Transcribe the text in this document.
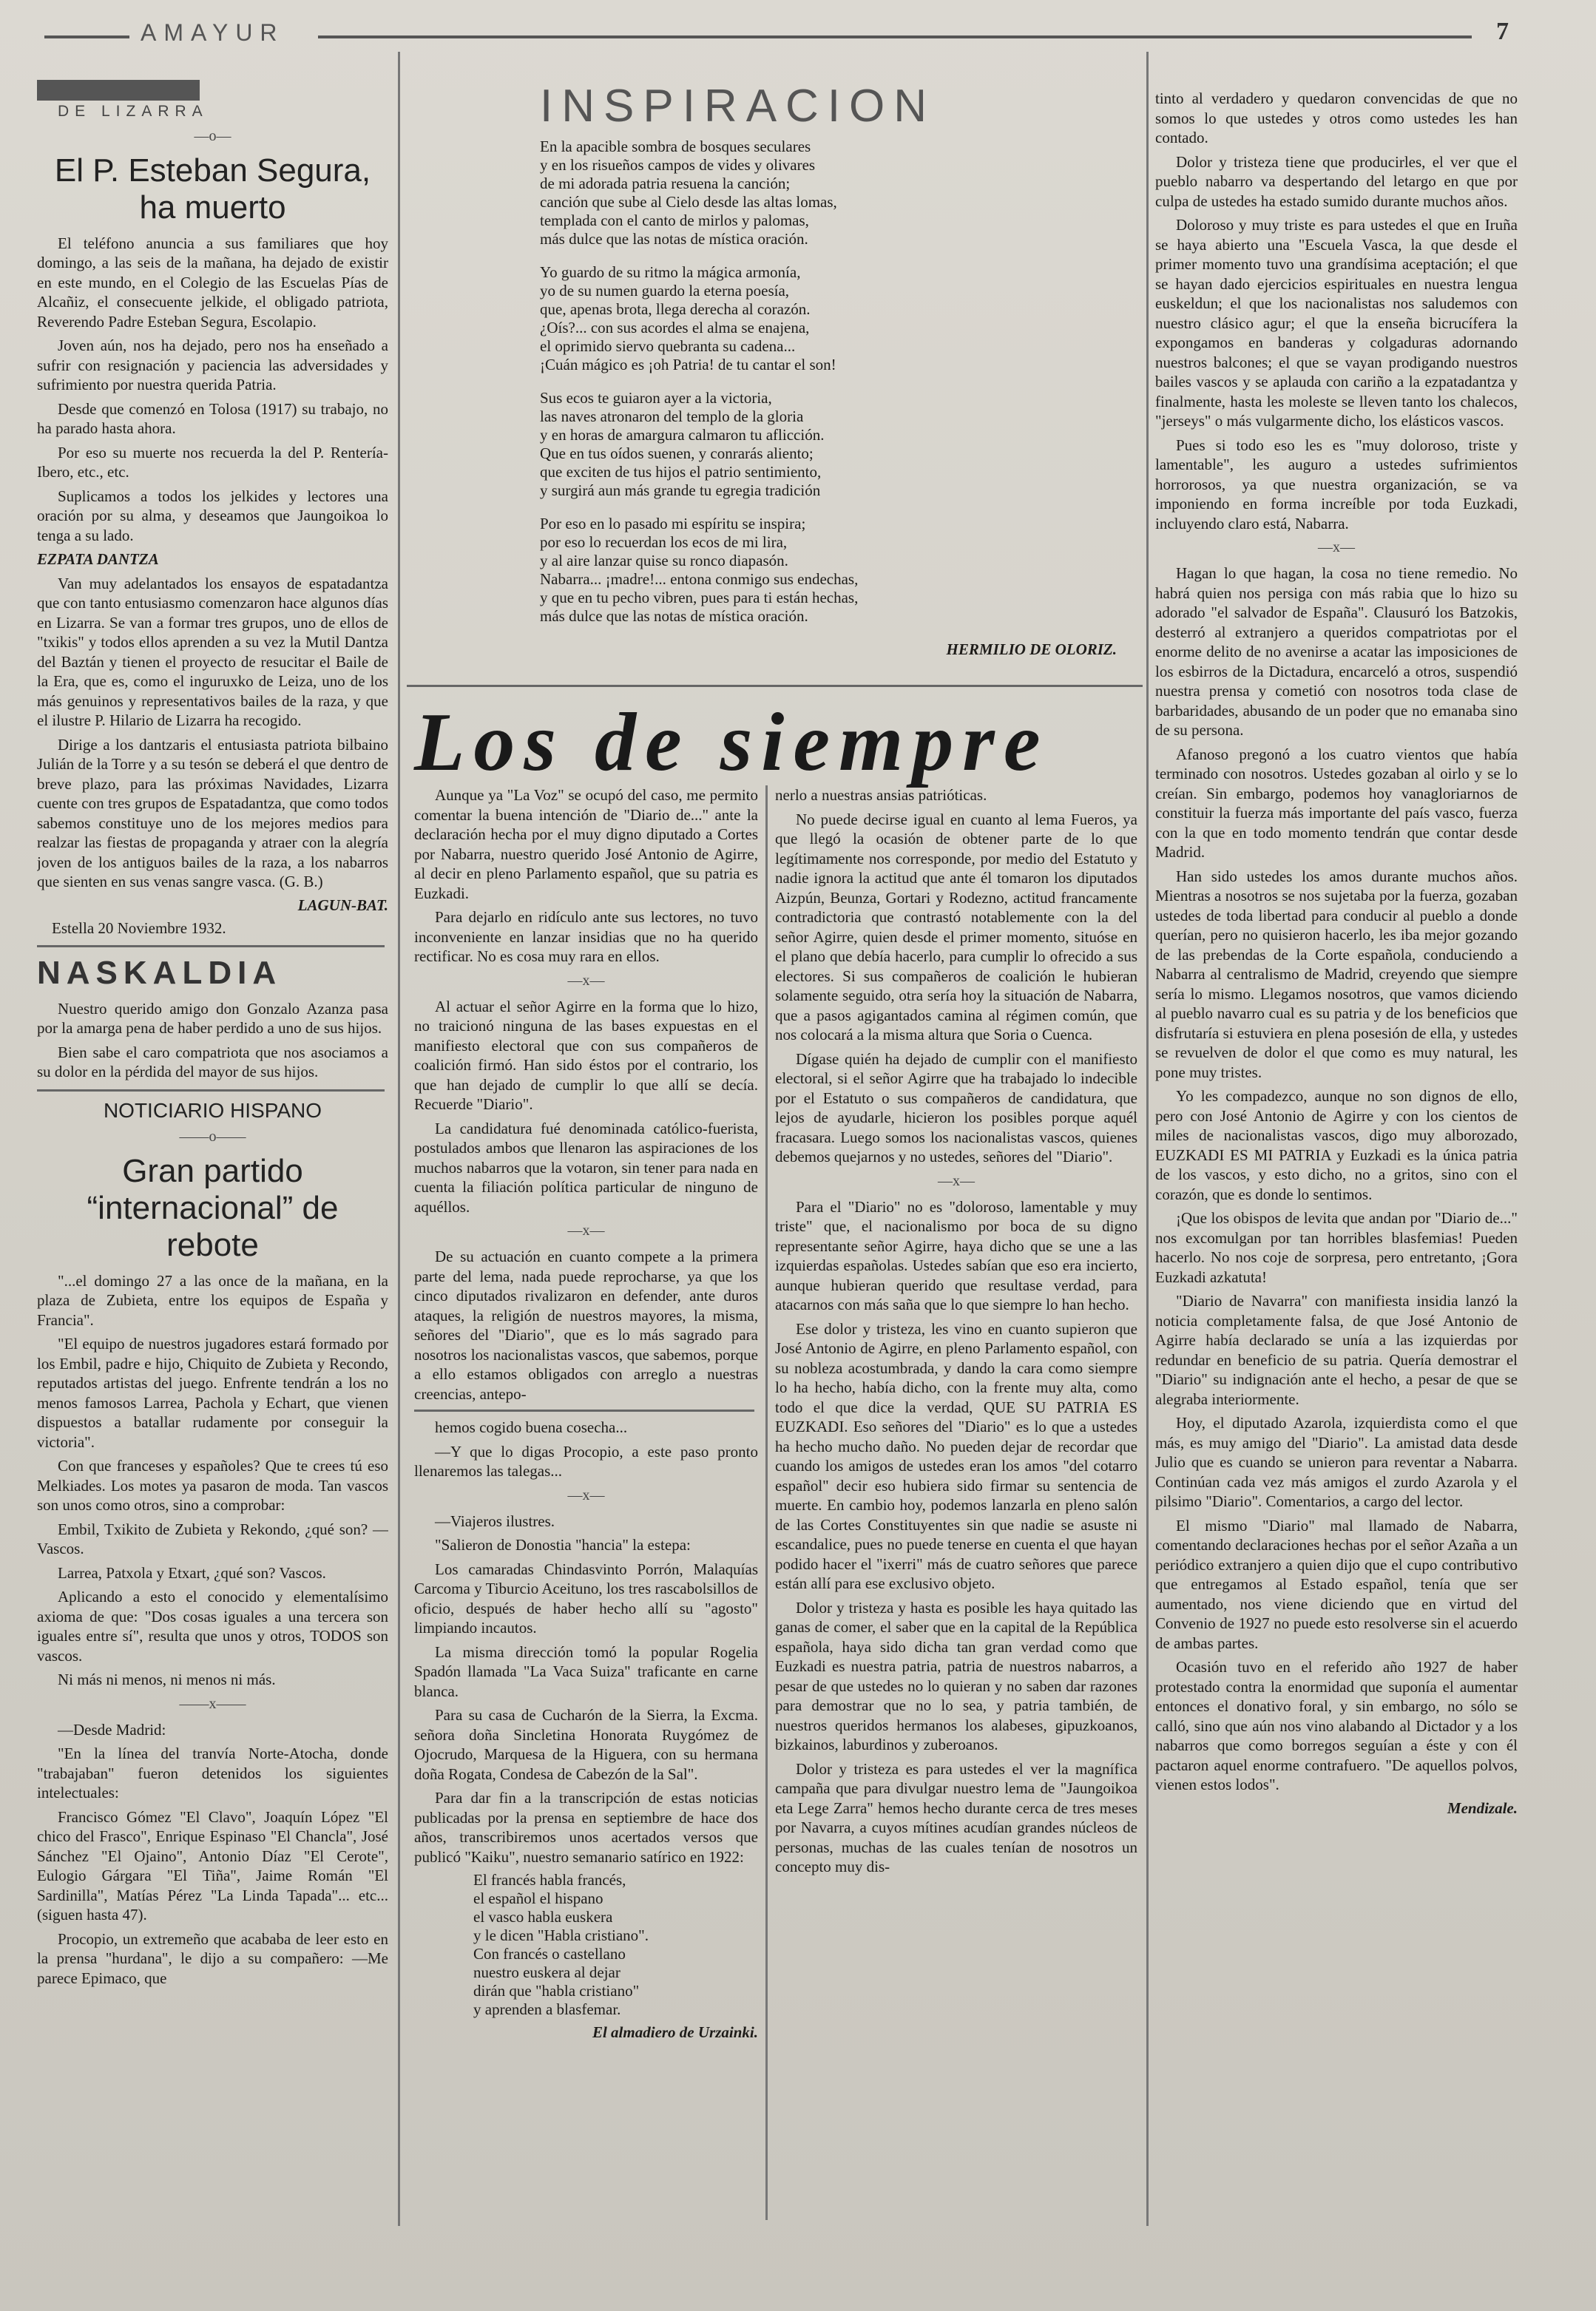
AMAYUR	7

DE LIZARRA

—o—
El P. Esteban Segura, ha muerto

El teléfono anuncia a sus familiares que hoy domingo, a las seis de la mañana, ha dejado de existir en este mundo, en el Colegio de las Escuelas Pías de Alcañiz, el consecuente jelkide, el obligado patriota, Reverendo Padre Esteban Segura, Escolapio.

Joven aún, nos ha dejado, pero nos ha enseñado a sufrir con resignación y paciencia las adversidades y sufrimiento por nuestra querida Patria.

Desde que comenzó en Tolosa (1917) su trabajo, no ha parado hasta ahora.

Por eso su muerte nos recuerda la del P. Rentería-Ibero, etc., etc.

Suplicamos a todos los jelkides y lectores una oración por su alma, y deseamos que Jaungoikoa lo tenga a su lado.

EZPATA DANTZA

Van muy adelantados los ensayos de espatadantza que con tanto entusiasmo comenzaron hace algunos días en Lizarra. Se van a formar tres grupos, uno de ellos de "txikis" y todos ellos aprenden a su vez la Mutil Dantza del Baztán y tienen el proyecto de resucitar el Baile de la Era, que es, como el inguruxko de Leiza, uno de los más genuinos y representativos bailes de la raza, y que el ilustre P. Hilario de Lizarra ha recogido.

Dirige a los dantzaris el entusiasta patriota bilbaino Julián de la Torre y a su tesón se deberá el que dentro de breve plazo, para las próximas Navidades, Lizarra cuente con tres grupos de Espatadantza, que como todos sabemos constituye uno de los mejores medios para realzar las fiestas de propaganda y atraer con la alegría joven de los antiguos bailes de la raza, a los nabarros que sienten en sus venas sangre vasca. (G. B.)

LAGUN-BAT.
Estella 20 Noviembre 1932.
NASKALDIA

Nuestro querido amigo don Gonzalo Azanza pasa por la amarga pena de haber perdido a uno de sus hijos.

Bien sabe el caro compatriota que nos asociamos a su dolor en la pérdida del mayor de sus hijos.

NOTICIARIO HISPANO
——o——
Gran partido “internacional” de rebote

"...el domingo 27 a las once de la mañana, en la plaza de Zubieta, entre los equipos de España y Francia".

"El equipo de nuestros jugadores estará formado por los Embil, padre e hijo, Chiquito de Zubieta y Recondo, reputados artistas del juego. Enfrente tendrán a los no menos famosos Larrea, Pachola y Echart, que vienen dispuestos a batallar rudamente por conseguir la victoria".

Con que franceses y españoles? Que te crees tú eso Melkiades. Los motes ya pasaron de moda. Tan vascos son unos como otros, sino a comprobar:

Embil, Txikito de Zubieta y Rekondo, ¿qué son? —Vascos.

Larrea, Patxola y Etxart, ¿qué son? Vascos.

Aplicando a esto el conocido y elementalísimo axioma de que: "Dos cosas iguales a una tercera son iguales entre sí", resulta que unos y otros, TODOS son vascos.

Ni más ni menos, ni menos ni más.

——x——

—Desde Madrid:

"En la línea del tranvía Norte-Atocha, donde "trabajaban" fueron detenidos los siguientes intelectuales:

Francisco Gómez "El Clavo", Joaquín López "El chico del Frasco", Enrique Espinaso "El Chancla", José Sánchez "El Ojaino", Antonio Díaz "El Cerote", Eulogio Gárgara "El Tiña", Jaime Román "El Sardinilla", Matías Pérez "La Linda Tapada"... etc... (siguen hasta 47).

Procopio, un extremeño que acababa de leer esto en la prensa "hurdana", le dijo a su compañero: —Me parece Epimaco, que

INSPIRACION

En la apacible sombra de bosques seculares

y en los risueños campos de vides y olivares

de mi adorada patria resuena la canción;

canción que sube al Cielo desde las altas lomas,

templada con el canto de mirlos y palomas,

más dulce que las notas de mística oración.

Yo guardo de su ritmo la mágica armonía,

yo de su numen guardo la eterna poesía,

que, apenas brota, llega derecha al corazón.

¿Oís?... con sus acordes el alma se enajena,

el oprimido siervo quebranta su cadena...

¡Cuán mágico es ¡oh Patria! de tu cantar el son!

Sus ecos te guiaron ayer a la victoria,

las naves atronaron del templo de la gloria

y en horas de amargura calmaron tu aflicción.

Que en tus oídos suenen, y conrarás aliento;

que exciten de tus hijos el patrio sentimiento,

y surgirá aun más grande tu egregia tradición

Por eso en lo pasado mi espíritu se inspira;

por eso lo recuerdan los ecos de mi lira,

y al aire lanzar quise su ronco diapasón.

Nabarra... ¡madre!... entona conmigo sus endechas,

y que en tu pecho vibren, pues para ti están hechas,

más dulce que las notas de mística oración.

HERMILIO DE OLORIZ.
Los de siempre

Aunque ya "La Voz" se ocupó del caso, me permito comentar la buena intención de "Diario de..." ante la declaración hecha por el muy digno diputado a Cortes por Nabarra, nuestro querido José Antonio de Agirre, al decir en pleno Parlamento español, que su patria es Euzkadi.

Para dejarlo en ridículo ante sus lectores, no tuvo inconveniente en lanzar insidias que no ha querido rectificar. No es cosa muy rara en ellos.

—x—

Al actuar el señor Agirre en la forma que lo hizo, no traicionó ninguna de las bases expuestas en el manifiesto electoral que con sus compañeros de coalición firmó. Han sido éstos por el contrario, los que han dejado de cumplir lo que allí se decía. Recuerde "Diario".

La candidatura fué denominada católico-fuerista, postulados ambos que llenaron las aspiraciones de los muchos nabarros que la votaron, sin tener para nada en cuenta la filiación política particular de ninguno de aquéllos.

—x—

De su actuación en cuanto compete a la primera parte del lema, nada puede reprocharse, ya que los cinco diputados rivalizaron en defender, ante duros ataques, la religión de nuestros mayores, la misma, señores del "Diario", que es lo más sagrado para nosotros los nacionalistas vascos, que sabemos, porque a ello estamos obligados con arreglo a nuestras creencias, antepo-

hemos cogido buena cosecha...

—Y que lo digas Procopio, a este paso pronto llenaremos las talegas...

—x—

—Viajeros ilustres.

"Salieron de Donostia "hancia" la estepa:

Los camaradas Chindasvinto Porrón, Malaquías Carcoma y Tiburcio Aceituno, los tres rascabolsillos de oficio, después de haber hecho allí su "agosto" limpiando incautos.

La misma dirección tomó la popular Rogelia Spadón llamada "La Vaca Suiza" traficante en carne blanca.

Para su casa de Cucharón de la Sierra, la Excma. señora doña Sincletina Honorata Ruygómez de Ojocrudo, Marquesa de la Higuera, con su hermana doña Rogata, Condesa de Cabezón de la Sal".

Para dar fin a la transcripción de estas noticias publicadas por la prensa en septiembre de hace dos años, transcribiremos unos acertados versos que publicó "Kaiku", nuestro semanario satírico en 1922:

El francés habla francés,

el español el hispano

el vasco habla euskera

y le dicen "Habla cristiano".

Con francés o castellano

nuestro euskera al dejar

dirán que "habla cristiano"

y aprenden a blasfemar.

El almadiero de Urzainki.

nerlo a nuestras ansias patrióticas.

No puede decirse igual en cuanto al lema Fueros, ya que llegó la ocasión de obtener parte de lo que legítimamente nos corresponde, por medio del Estatuto y nadie ignora la actitud que ante él tomaron los diputados Aizpún, Beunza, Gortari y Rodezno, actitud francamente contradictoria que contrastó notablemente con la del señor Agirre, quien desde el primer momento, situóse en el plano que debía hacerlo, para cumplir lo ofrecido a sus electores. Si sus compañeros de coalición le hubieran solamente seguido, otra sería hoy la situación de Nabarra, que a pasos agigantados camina al régimen común, que nos colocará a la misma altura que Soria o Cuenca.

Dígase quién ha dejado de cumplir con el manifiesto electoral, si el señor Agirre que ha trabajado lo indecible por el Estatuto o sus compañeros de candidatura, que lejos de ayudarle, hicieron los posibles porque aquél fracasara. Luego somos los nacionalistas vascos, quienes debemos quejarnos y no ustedes, señores del "Diario".

—x—

Para el "Diario" no es "doloroso, lamentable y muy triste" que, el nacionalismo por boca de su digno representante señor Agirre, haya dicho que se une a las izquierdas españolas. Ustedes sabían que eso era incierto, aunque hubieran querido que resultase verdad, para atacarnos con más saña que lo que siempre lo han hecho.

Ese dolor y tristeza, les vino en cuanto supieron que José Antonio de Agirre, en pleno Parlamento español, con su nobleza acostumbrada, y dando la cara como siempre lo ha hecho, había dicho, con la frente muy alta, como todo el que dice la verdad, QUE SU PATRIA ES EUZKADI. Eso señores del "Diario" es lo que a ustedes ha hecho mucho daño. No pueden dejar de recordar que cuando los amigos de ustedes eran los amos "del cotarro español" decir eso hubiera sido firmar su sentencia de muerte. En cambio hoy, podemos lanzarla en pleno salón de las Cortes Constituyentes sin que nadie se asuste ni escandalice, pues no puede tenerse en cuenta el que hayan podido hacer el "ixerri" más de cuatro señores que parece están allí para ese exclusivo objeto.

Dolor y tristeza y hasta es posible les haya quitado las ganas de comer, el saber que en la capital de la República española, haya sido dicha tan gran verdad como que Euzkadi es nuestra patria, patria de nuestros nabarros, a pesar de que ustedes no lo quieran y no saben dar razones para demostrar que no lo sea, y patria también, de nuestros queridos hermanos los alabeses, gipuzkoanos, bizkainos, laburdinos y zuberoanos.

Dolor y tristeza es para ustedes el ver la magnífica campaña que para divulgar nuestro lema de "Jaungoikoa eta Lege Zarra" hemos hecho durante cerca de tres meses por Navarra, a cuyos mítines acudían grandes núcleos de personas, muchas de las cuales tenían de nosotros un concepto muy dis-

tinto al verdadero y quedaron convencidas de que no somos lo que ustedes y otros como ustedes les han contado.

Dolor y tristeza tiene que producirles, el ver que el pueblo nabarro va despertando del letargo en que por culpa de ustedes ha estado sumido durante muchos años.

Doloroso y muy triste es para ustedes el que en Iruña se haya abierto una "Escuela Vasca, la que desde el primer momento tuvo una grandísima aceptación; el que se hayan dado ejercicios espirituales en nuestra lengua euskeldun; el que los nacionalistas nos saludemos con nuestro clásico agur; el que la enseña bicrucífera la expongamos en banderas y colgaduras adornando nuestros balcones; el que se vayan prodigando nuestros bailes vascos y se aplauda con cariño a la ezpatadantza y finalmente, hasta les moleste se lleven tanto los chalecos, "jerseys" o más vulgarmente dicho, los elásticos vascos.

Pues si todo eso les es "muy doloroso, triste y lamentable", les auguro a ustedes sufrimientos horrorosos, ya que nuestra organización, se va imponiendo en forma increíble por toda Euzkadi, incluyendo claro está, Nabarra.

—x—

Hagan lo que hagan, la cosa no tiene remedio. No habrá quien nos persiga con más rabia que lo hizo su adorado "el salvador de España". Clausuró los Batzokis, desterró al extranjero a queridos compatriotas por el enorme delito de no avenirse a acatar las imposiciones de los esbirros de la Dictadura, encarceló a otros, suspendió nuestra prensa y cometió con nosotros toda clase de barbaridades, abusando de un poder que no emanaba sino de su persona.

Afanoso pregonó a los cuatro vientos que había terminado con nosotros. Ustedes gozaban al oirlo y se lo creían. Sin embargo, podemos hoy vanagloriarnos de constituir la fuerza más importante del país vasco, fuerza con la que en todo momento tendrán que contar desde Madrid.

Han sido ustedes los amos durante muchos años. Mientras a nosotros se nos sujetaba por la fuerza, gozaban ustedes de toda libertad para conducir al pueblo a donde querían, pero no quisieron hacerlo, les iba mejor gozando de las prebendas de la Corte española, conduciendo a Nabarra al centralismo de Madrid, creyendo que siempre sería lo mismo. Llegamos nosotros, que vamos diciendo al pueblo navarro cual es su patria y de los beneficios que disfrutaría si estuviera en plena posesión de ella, y ustedes se revuelven de dolor el que como es muy natural, les pone muy tristes.

Yo les compadezco, aunque no son dignos de ello, pero con José Antonio de Agirre y con los cientos de miles de nacionalistas vascos, digo muy alborozado, EUZKADI ES MI PATRIA y Euzkadi es la única patria de los vascos, y esto dicho, no a gritos, sino con el corazón, que es donde lo sentimos.

¡Que los obispos de levita que andan por "Diario de..." nos excomulgan por tan horribles blasfemias! Pueden hacerlo. No nos coje de sorpresa, pero entretanto, ¡Gora Euzkadi azkatuta!

"Diario de Navarra" con manifiesta insidia lanzó la noticia completamente falsa, de que José Antonio de Agirre había declarado se unía a las izquierdas por redundar en beneficio de su patria. Quería demostrar el "Diario" su indignación ante el hecho, a pesar de que se alegraba interiormente.

Hoy, el diputado Azarola, izquierdista como el que más, es muy amigo del "Diario". La amistad data desde Julio que es cuando se unieron para reventar a Nabarra. Continúan cada vez más amigos el zurdo Azarola y el pilsimo "Diario". Comentarios, a cargo del lector.

El mismo "Diario" mal llamado de Nabarra, comentando declaraciones hechas por el señor Azaña a un periódico extranjero a quien dijo que el cupo contributivo que entregamos al Estado español, tenía que ser aumentado, nos viene diciendo que en virtud del Convenio de 1927 no puede esto resolverse sin el acuerdo de ambas partes.

Ocasión tuvo en el referido año 1927 de haber protestado contra la enormidad que suponía el aumentar entonces el donativo foral, y sin embargo, no sólo se calló, sino que aún nos vino alabando al Dictador y a los nabarros que como borregos seguían a éste y con él pactaron aquel enorme contrafuero. "De aquellos polvos, vienen estos lodos".

Mendizale.
